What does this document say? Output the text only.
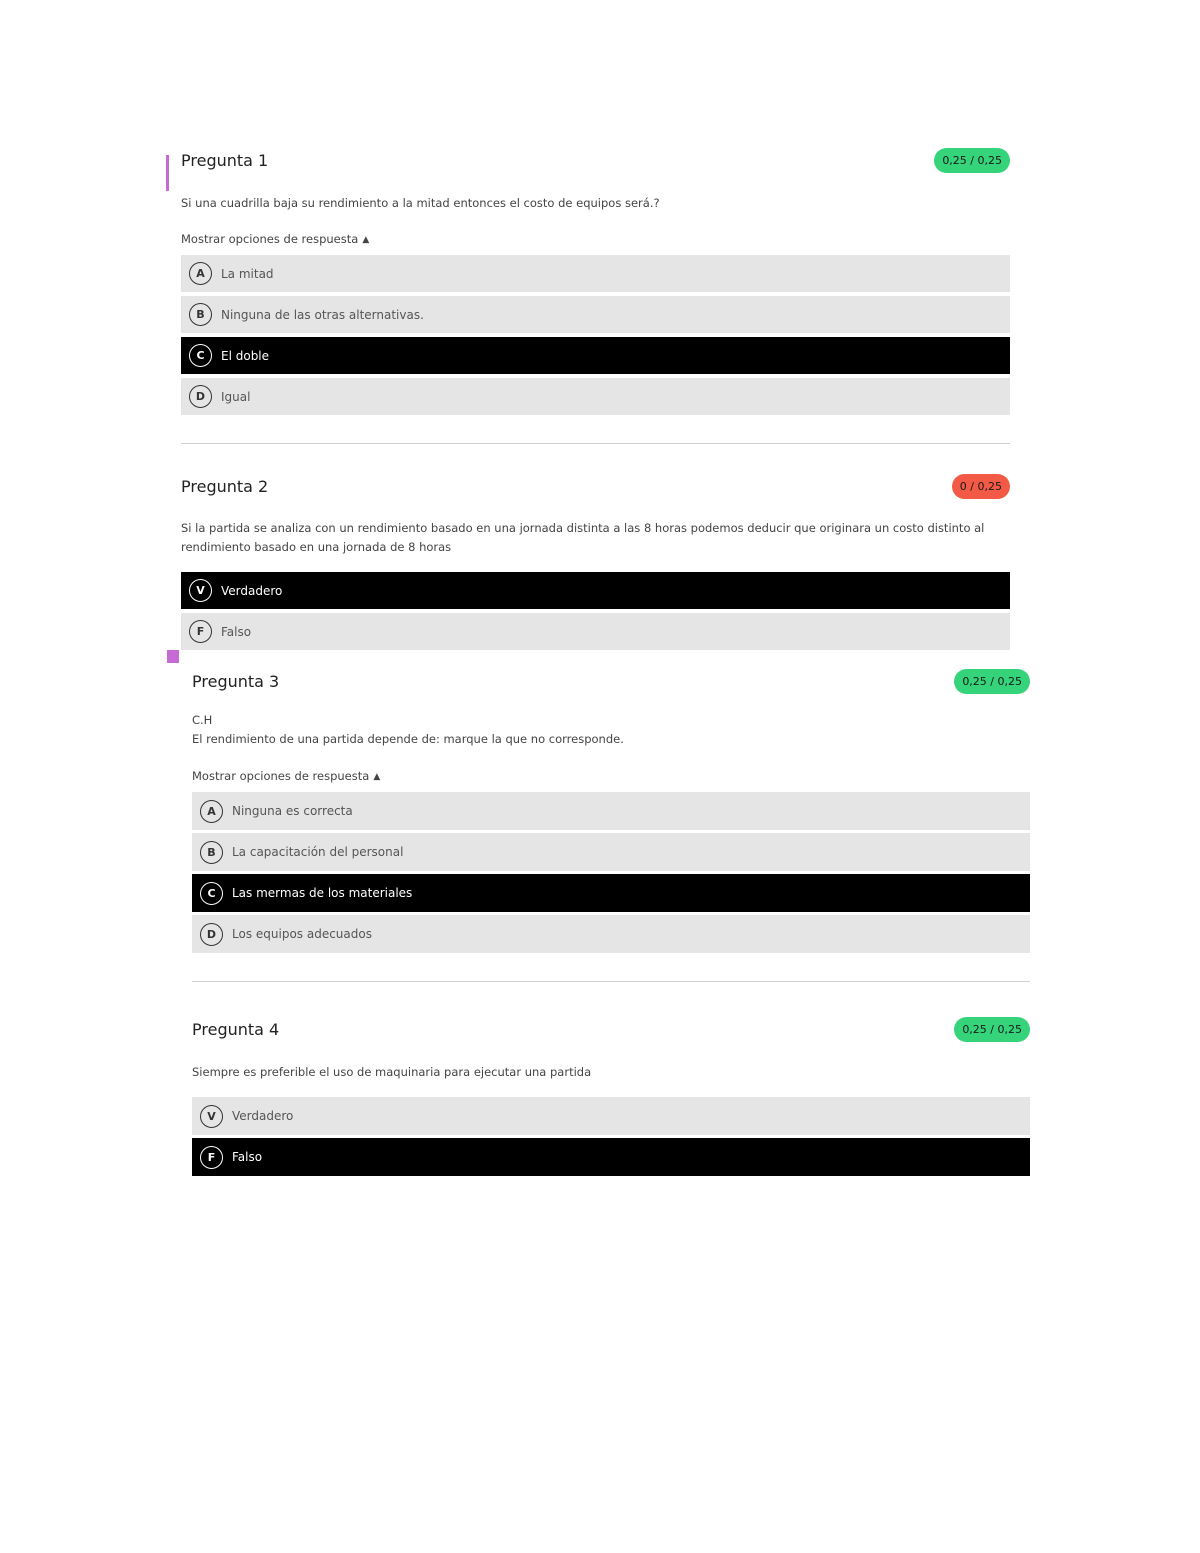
Pregunta 1	0,25 / 0,25

Si una cuadrilla baja su rendimiento a la mitad entonces el costo de equipos será.?

Mostrar opciones de respuesta ▲
A	La mitad
B	Ninguna de las otras alternativas.
C	El doble
D	Igual
Pregunta 2	0 / 0,25

Si la partida se analiza con un rendimiento basado en una jornada distinta a las 8 horas podemos deducir que originara un costo distinto al rendimiento basado en una jornada de 8 horas

V	Verdadero
F	Falso
Pregunta 3	0,25 / 0,25
C.H
El rendimiento de una partida depende de: marque la que no corresponde.
Mostrar opciones de respuesta ▲
A	Ninguna es correcta
B	La capacitación del personal
C	Las mermas de los materiales
D	Los equipos adecuados
Pregunta 4	0,25 / 0,25

Siempre es preferible el uso de maquinaria para ejecutar una partida

V	Verdadero
F	Falso
